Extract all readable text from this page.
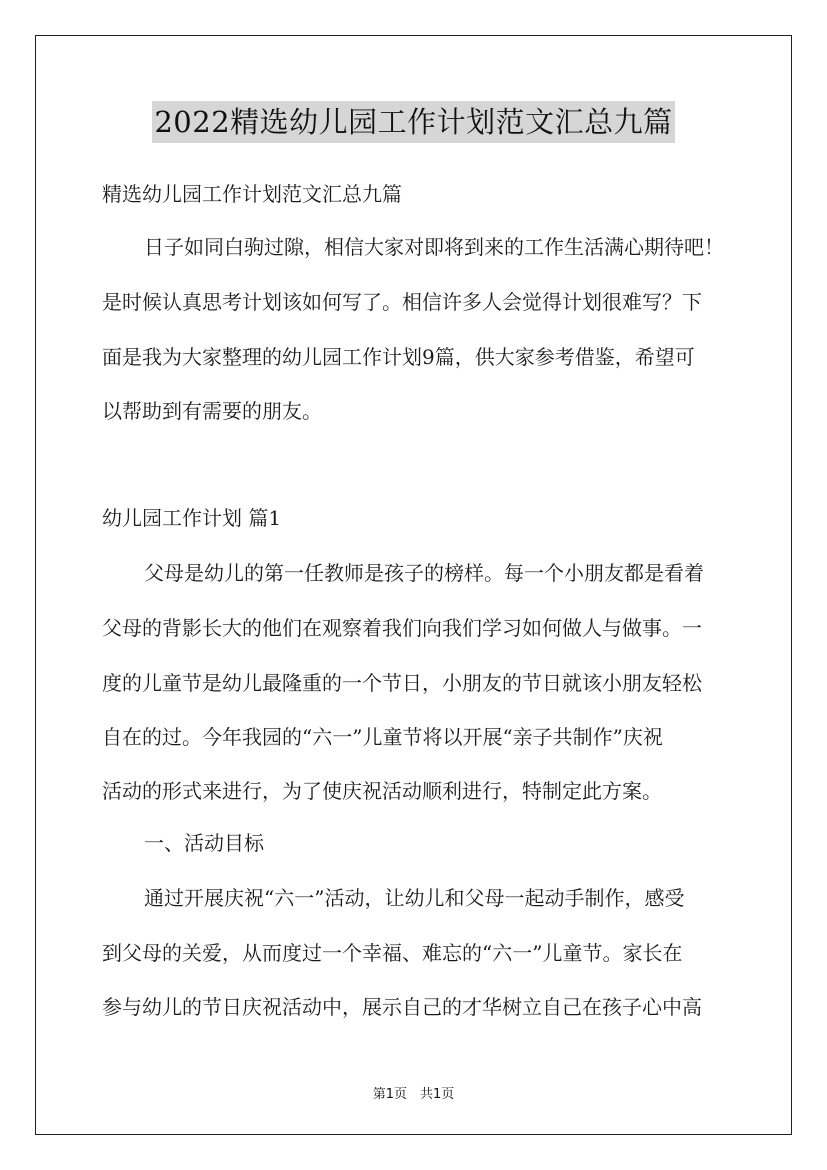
2022精选幼儿园工作计划范文汇总九篇
精选幼儿园工作计划范文汇总九篇
日子如同白驹过隙，相信大家对即将到来的工作生活满心期待吧！
是时候认真思考计划该如何写了。相信许多人会觉得计划很难写？下
面是我为大家整理的幼儿园工作计划9篇，供大家参考借鉴，希望可
以帮助到有需要的朋友。
幼儿园工作计划 篇1
父母是幼儿的第一任教师是孩子的榜样。每一个小朋友都是看着
父母的背影长大的他们在观察着我们向我们学习如何做人与做事。一
度的儿童节是幼儿最隆重的一个节日，小朋友的节日就该小朋友轻松
自在的过。今年我园的“六一”儿童节将以开展“亲子共制作”庆祝
活动的形式来进行，为了使庆祝活动顺利进行，特制定此方案。
一、活动目标
通过开展庆祝“六一”活动，让幼儿和父母一起动手制作，感受
到父母的关爱，从而度过一个幸福、难忘的“六一”儿童节。家长在
参与幼儿的节日庆祝活动中，展示自己的才华树立自己在孩子心中高
第1页　共1页
